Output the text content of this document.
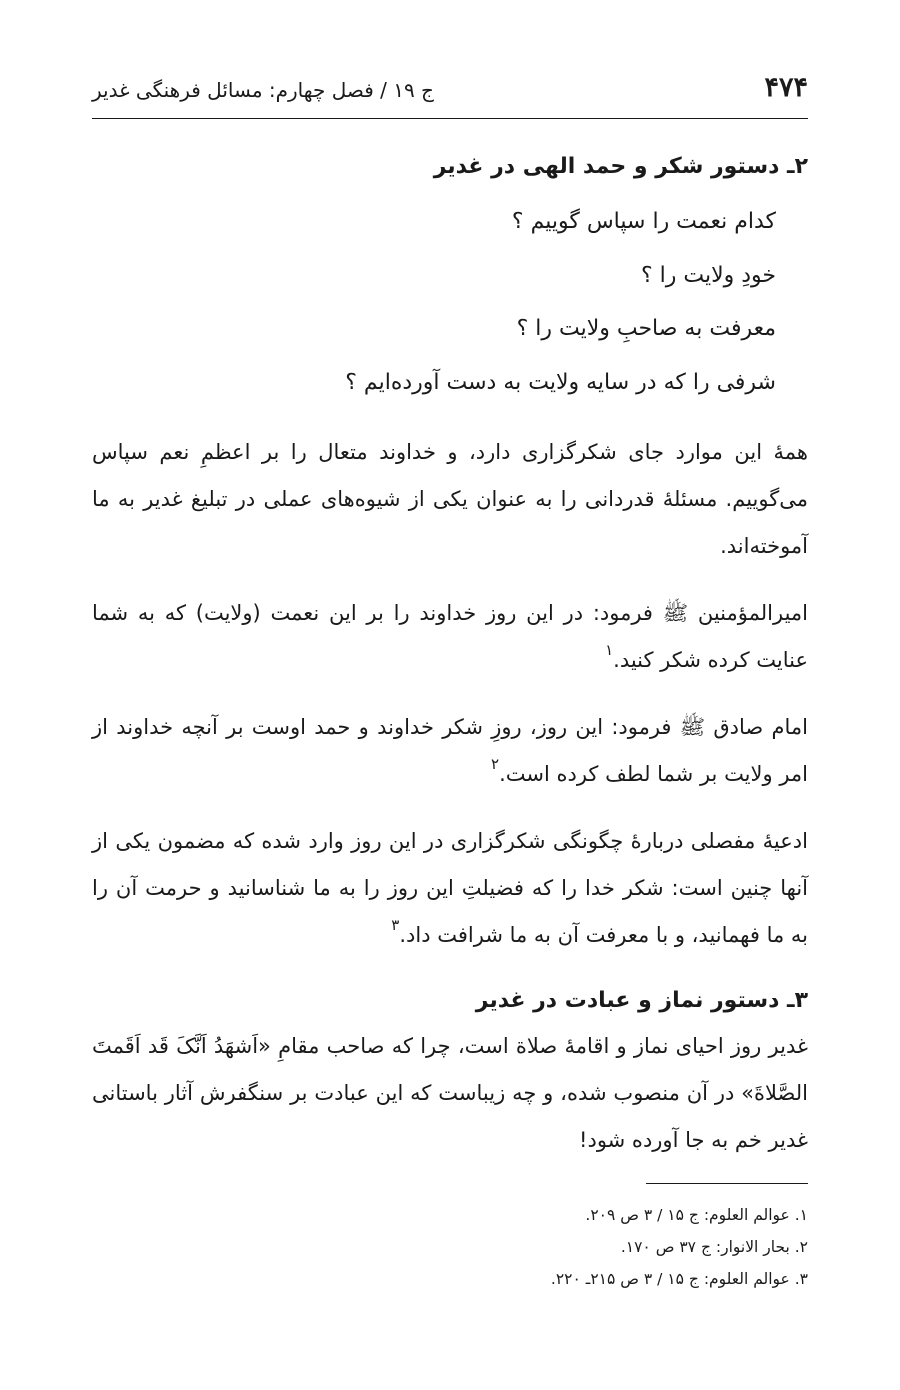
۴۷۴
ج ۱۹ / فصل چهارم: مسائل فرهنگی غدیر
۲ـ دستور شکر و حمد الهی در غدیر

کدام نعمت را سپاس گوییم ؟

خودِ ولایت را ؟

معرفت به صاحبِ ولایت را ؟

شرفی را که در سایه ولایت به دست آورده‌ایم ؟

همهٔ این موارد جای شکرگزاری دارد، و خداوند متعال را بر اعظمِ نعم سپاس می‌گوییم. مسئلهٔ قدردانی را به عنوان یکی از شیوه‌های عملی در تبلیغ غدیر به ما آموخته‌اند.

امیرالمؤمنین ﷺ فرمود: در این روز خداوند را بر این نعمت (ولایت) که به شما عنایت کرده شکر کنید.$^۱$

امام صادق ﷺ فرمود: این روز، روزِ شکر خداوند و حمد اوست بر آنچه خداوند از امر ولایت بر شما لطف کرده است.$^۲$

ادعیهٔ مفصلی دربارهٔ چگونگی شکرگزاری در این روز وارد شده که مضمون یکی از آنها چنین است: شکر خدا را که فضیلتِ این روز را به ما شناسانید و حرمت آن را به ما فهمانید، و با معرفت آن به ما شرافت داد.$^۳$

۳ـ دستور نماز و عبادت در غدیر

غدیر روز احیای نماز و اقامهٔ صلاة است، چرا که صاحب مقامِ «اَشهَدُ اَنَّکَ قَد اَقَمتَ الصَّلاةَ» در آن منصوب شده، و چه زیباست که این عبادت بر سنگفرش آثار باستانی غدیر خم به جا آورده شود!

۱. عوالم العلوم: ج ۱۵ / ۳ ص ۲۰۹.

۲. بحار الانوار: ج ۳۷ ص ۱۷۰.

۳. عوالم العلوم: ج ۱۵ / ۳ ص ۲۱۵ـ ۲۲۰.
